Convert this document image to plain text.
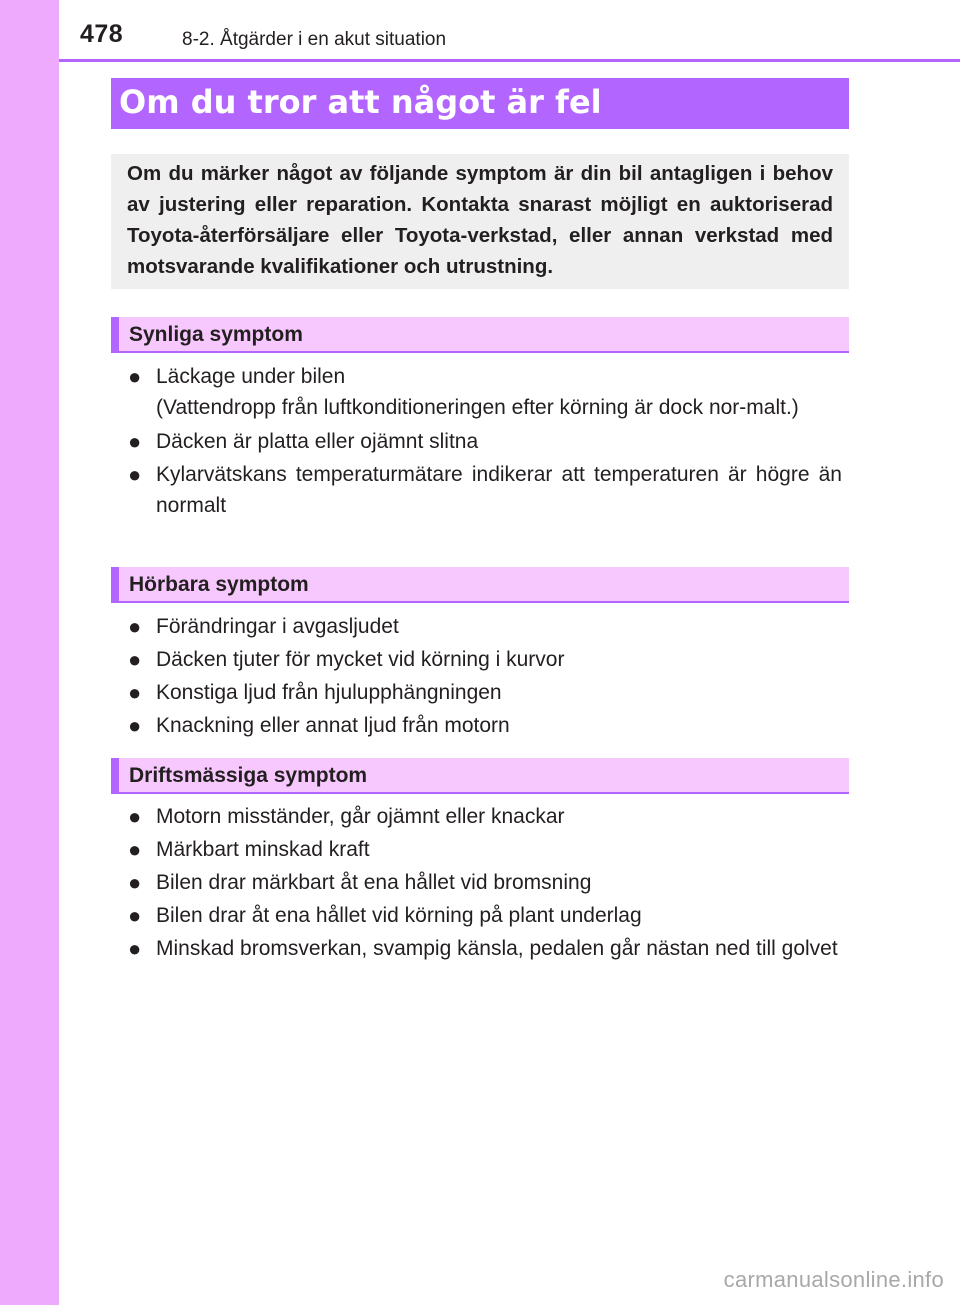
478	8-2. Åtgärder i en akut situation
Om du tror att något är fel
Om du märker något av följande symptom är din bil antagligen i behov av justering eller reparation. Kontakta snarast möjligt en auktoriserad Toyota-återförsäljare eller Toyota-verkstad, eller annan verkstad med motsvarande kvalifikationer och utrustning.
Synliga symptom
● Läckage under bilen
(Vattendropp från luftkonditioneringen efter körning är dock nor-malt.)
● Däcken är platta eller ojämnt slitna
● Kylarvätskans temperaturmätare indikerar att temperaturen är högre än normalt
Hörbara symptom
● Förändringar i avgasljudet
● Däcken tjuter för mycket vid körning i kurvor
● Konstiga ljud från hjulupphängningen
● Knackning eller annat ljud från motorn
Driftsmässiga symptom
● Motorn misständer, går ojämnt eller knackar
● Märkbart minskad kraft
● Bilen drar märkbart åt ena hållet vid bromsning
● Bilen drar åt ena hållet vid körning på plant underlag
● Minskad bromsverkan, svampig känsla, pedalen går nästan ned till golvet
carmanualsonline.info
